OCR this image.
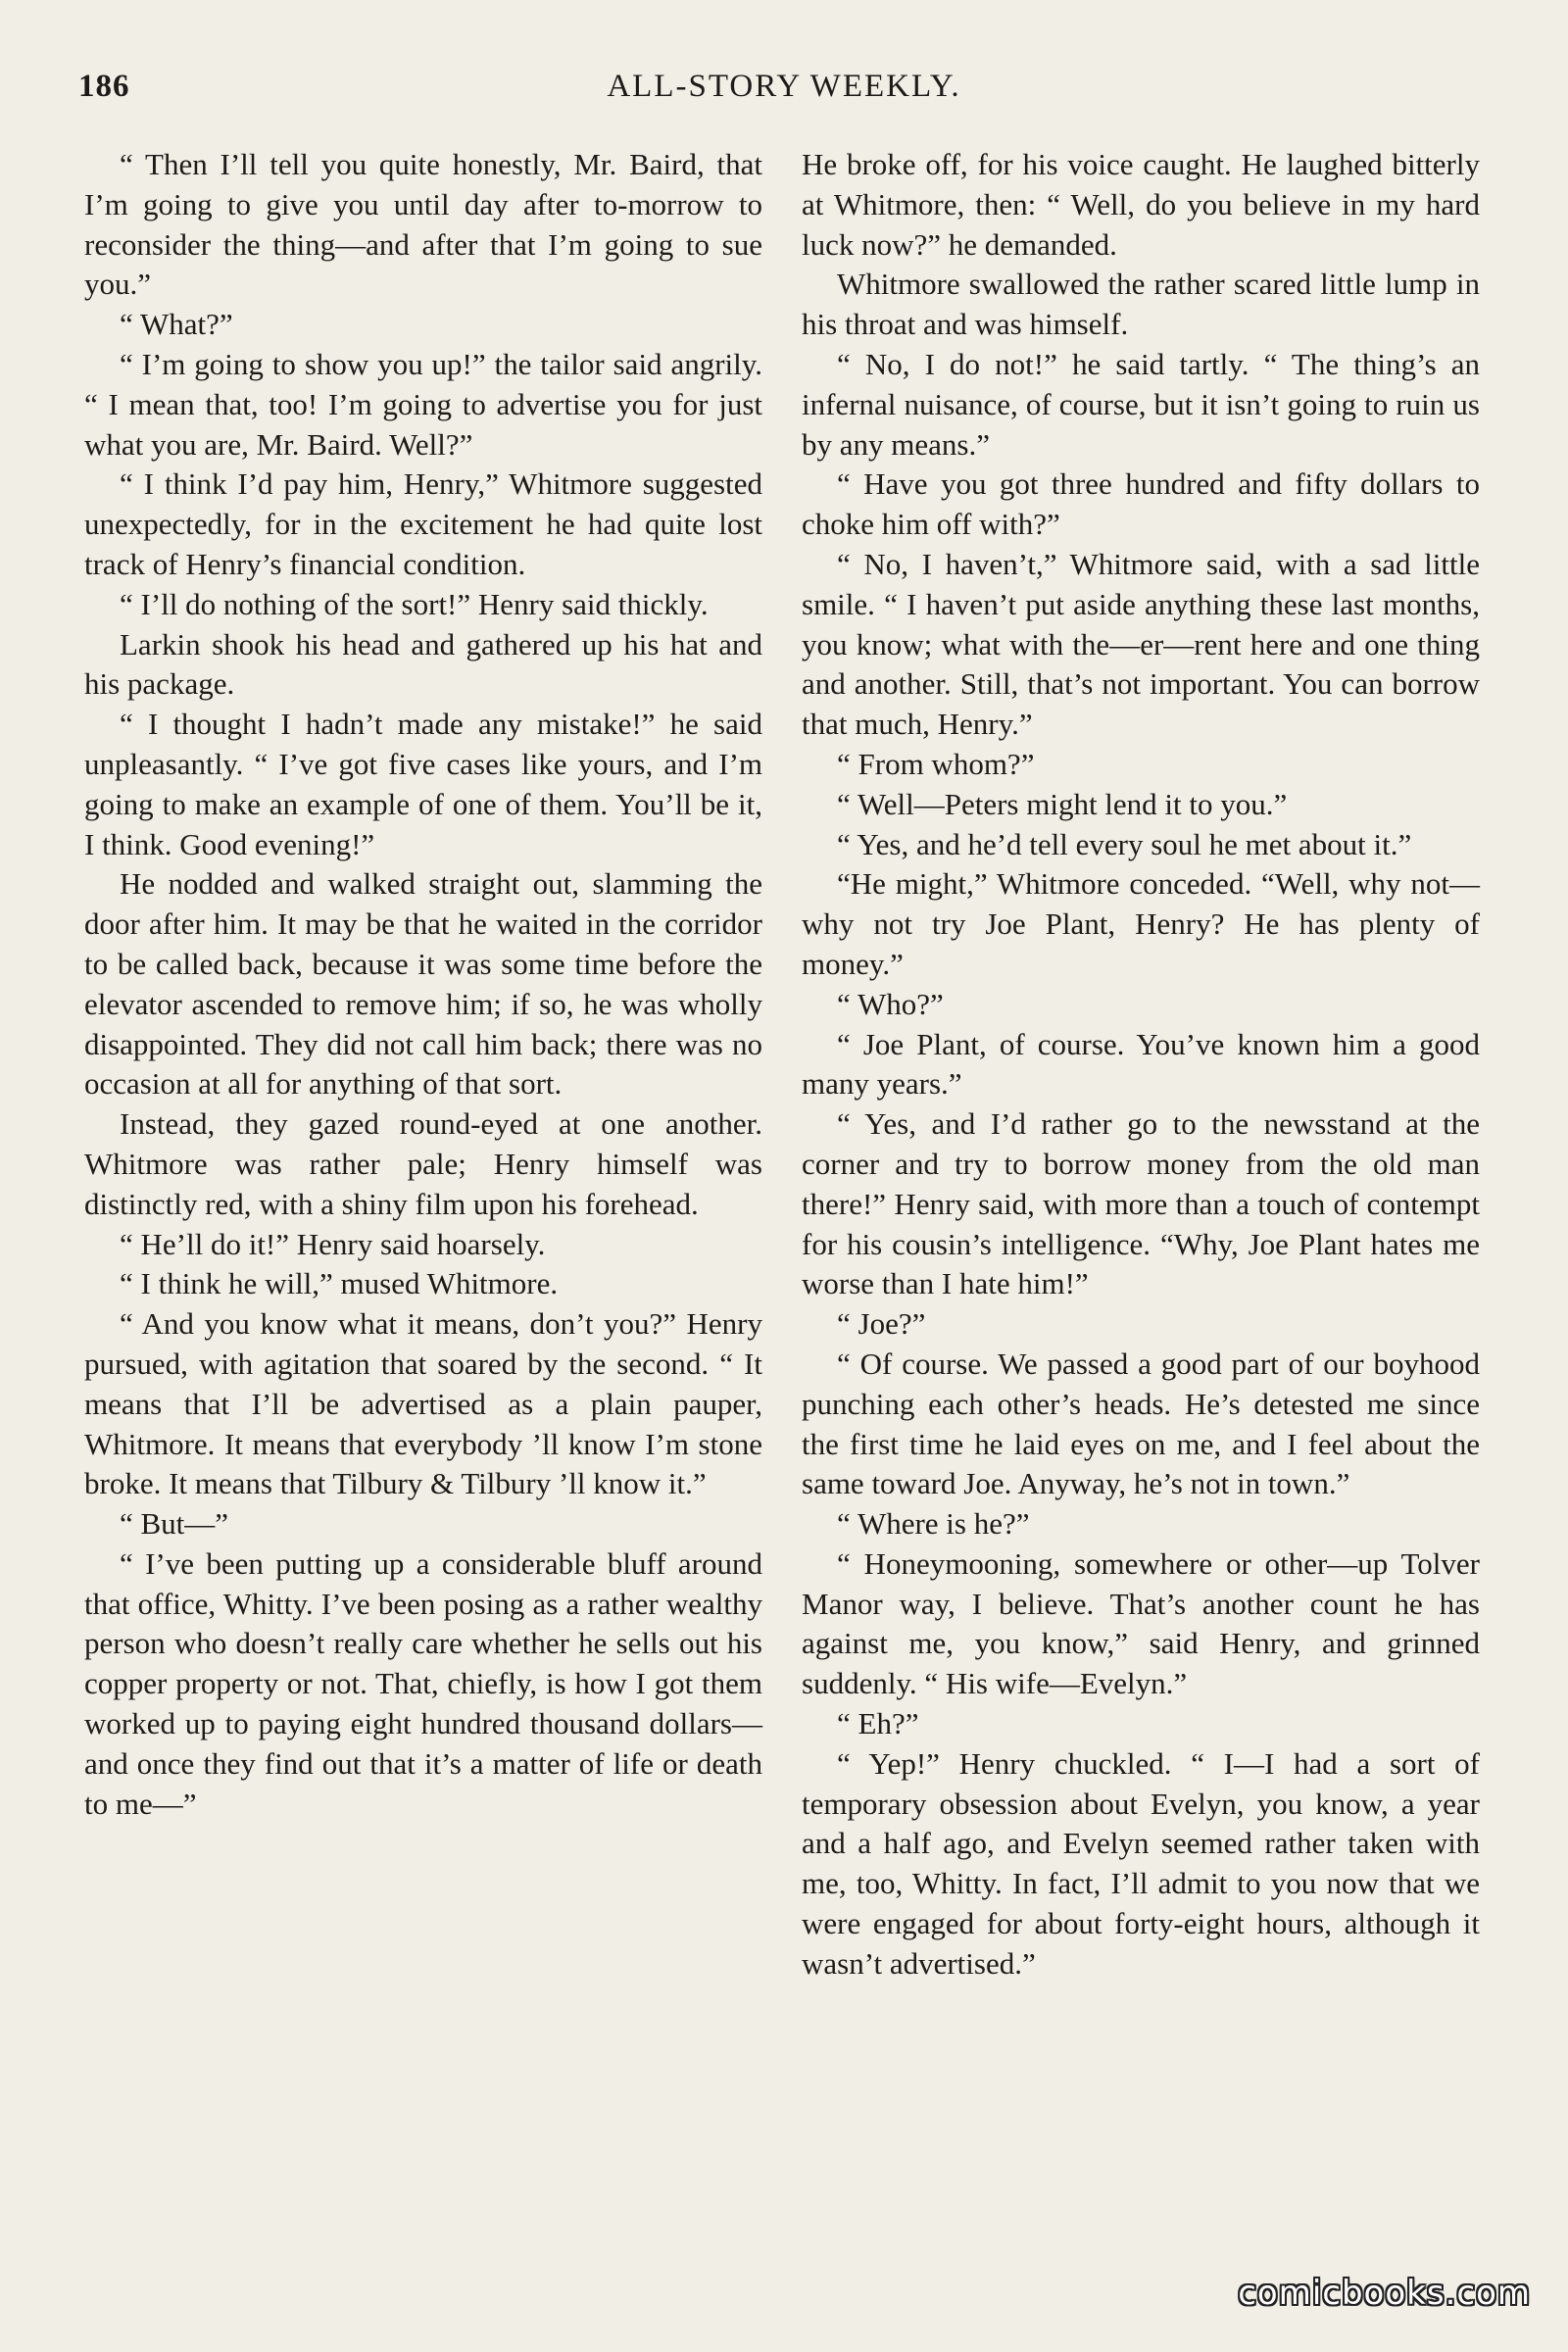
186	ALL-STORY WEEKLY.

“ Then I’ll tell you quite honestly, Mr. Baird, that I’m going to give you until day after to-morrow to reconsider the thing—and after that I’m going to sue you.”

“ What?”

“ I’m going to show you up!” the tailor said angrily. “ I mean that, too! I’m going to advertise you for just what you are, Mr. Baird. Well?”

“ I think I’d pay him, Henry,” Whitmore suggested unexpectedly, for in the excitement he had quite lost track of Henry’s financial condition.

“ I’ll do nothing of the sort!” Henry said thickly.

Larkin shook his head and gathered up his hat and his package.

“ I thought I hadn’t made any mistake!” he said unpleasantly. “ I’ve got five cases like yours, and I’m going to make an example of one of them. You’ll be it, I think. Good evening!”

He nodded and walked straight out, slamming the door after him. It may be that he waited in the corridor to be called back, because it was some time before the elevator ascended to remove him; if so, he was wholly disappointed. They did not call him back; there was no occasion at all for anything of that sort.

Instead, they gazed round-eyed at one another. Whitmore was rather pale; Henry himself was distinctly red, with a shiny film upon his forehead.

“ He’ll do it!” Henry said hoarsely.

“ I think he will,” mused Whitmore.

“ And you know what it means, don’t you?” Henry pursued, with agitation that soared by the second. “ It means that I’ll be advertised as a plain pauper, Whitmore. It means that everybody ’ll know I’m stone broke. It means that Tilbury & Tilbury ’ll know it.”

“ But—”

“ I’ve been putting up a considerable bluff around that office, Whitty. I’ve been posing as a rather wealthy person who doesn’t really care whether he sells out his copper property or not. That, chiefly, is how I got them worked up to paying eight hundred thousand dollars—and once they find out that it’s a matter of life or death to me—”

He broke off, for his voice caught. He laughed bitterly at Whitmore, then: “ Well, do you believe in my hard luck now?” he demanded.

Whitmore swallowed the rather scared little lump in his throat and was himself.

“ No, I do not!” he said tartly. “ The thing’s an infernal nuisance, of course, but it isn’t going to ruin us by any means.”

“ Have you got three hundred and fifty dollars to choke him off with?”

“ No, I haven’t,” Whitmore said, with a sad little smile. “ I haven’t put aside anything these last months, you know; what with the—er—rent here and one thing and another. Still, that’s not important. You can borrow that much, Henry.”

“ From whom?”

“ Well—Peters might lend it to you.”

“ Yes, and he’d tell every soul he met about it.”

“He might,” Whitmore conceded. “Well, why not—why not try Joe Plant, Henry? He has plenty of money.”

“ Who?”

“ Joe Plant, of course. You’ve known him a good many years.”

“ Yes, and I’d rather go to the newsstand at the corner and try to borrow money from the old man there!” Henry said, with more than a touch of contempt for his cousin’s intelligence. “Why, Joe Plant hates me worse than I hate him!”

“ Joe?”

“ Of course. We passed a good part of our boyhood punching each other’s heads. He’s detested me since the first time he laid eyes on me, and I feel about the same toward Joe. Anyway, he’s not in town.”

“ Where is he?”

“ Honeymooning, somewhere or other—up Tolver Manor way, I believe. That’s another count he has against me, you know,” said Henry, and grinned suddenly. “ His wife—Evelyn.”

“ Eh?”

“ Yep!” Henry chuckled. “ I—I had a sort of temporary obsession about Evelyn, you know, a year and a half ago, and Evelyn seemed rather taken with me, too, Whitty. In fact, I’ll admit to you now that we were engaged for about forty-eight hours, although it wasn’t advertised.”

comicbooks.com
